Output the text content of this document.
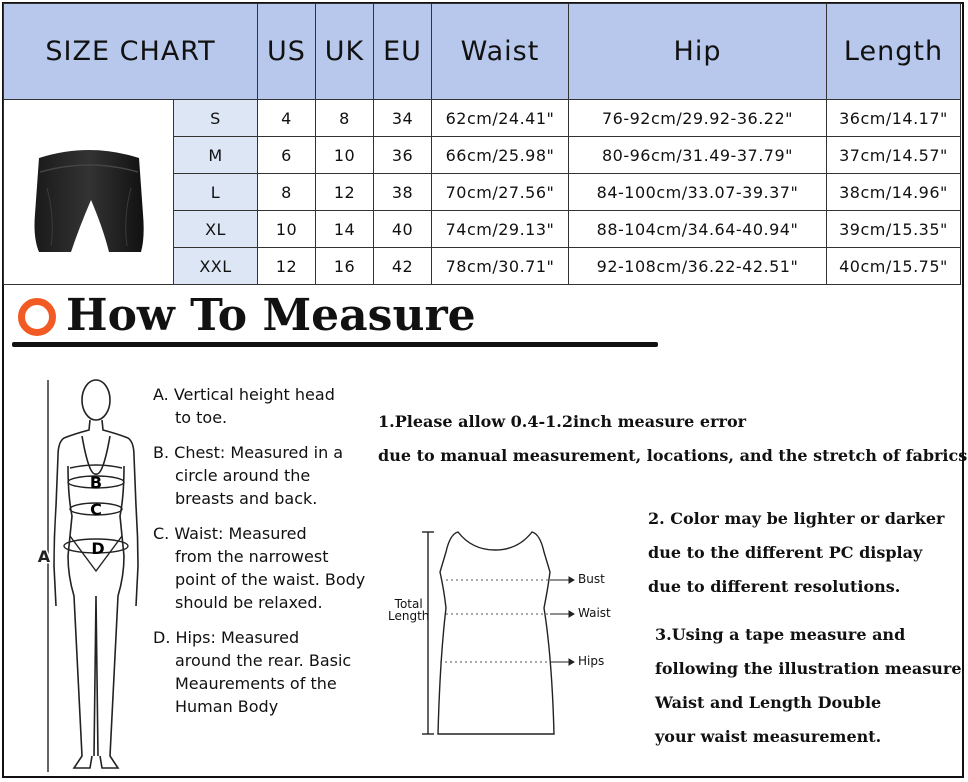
SIZE CHART		US	UK	EU	Waist	Hip	Length

	S	4	8	34	62cm/24.41"	76-92cm/29.92-36.22"	36cm/14.17"
	M	6	10	36	66cm/25.98"	80-96cm/31.49-37.79"	37cm/14.57"
	L	8	12	38	70cm/27.56"	84-100cm/33.07-39.37"	38cm/14.96"
	XL	10	14	40	74cm/29.13"	88-104cm/34.64-40.94"	39cm/15.35"
	XXL	12	16	42	78cm/30.71"	92-108cm/36.22-42.51"	40cm/15.75"
How To Measure
B
C
D
A
A. Vertical height head
to toe.
B. Chest: Measured in a
circle around the breasts and back.
C. Waist: Measured
from the narrowest point of the waist. Body should be relaxed.
D. Hips: Measured
around the rear. Basic Meaurements of the Human Body
1.Please allow 0.4-1.2inch measure error
due to manual measurement, locations, and the stretch of fabrics
2. Color may be lighter or darker
due to the different PC display
due to different resolutions.
3.Using a tape measure and
following the illustration measure
Waist and Length Double
your waist measurement.
Total
Length
Bust
Waist
Hips
